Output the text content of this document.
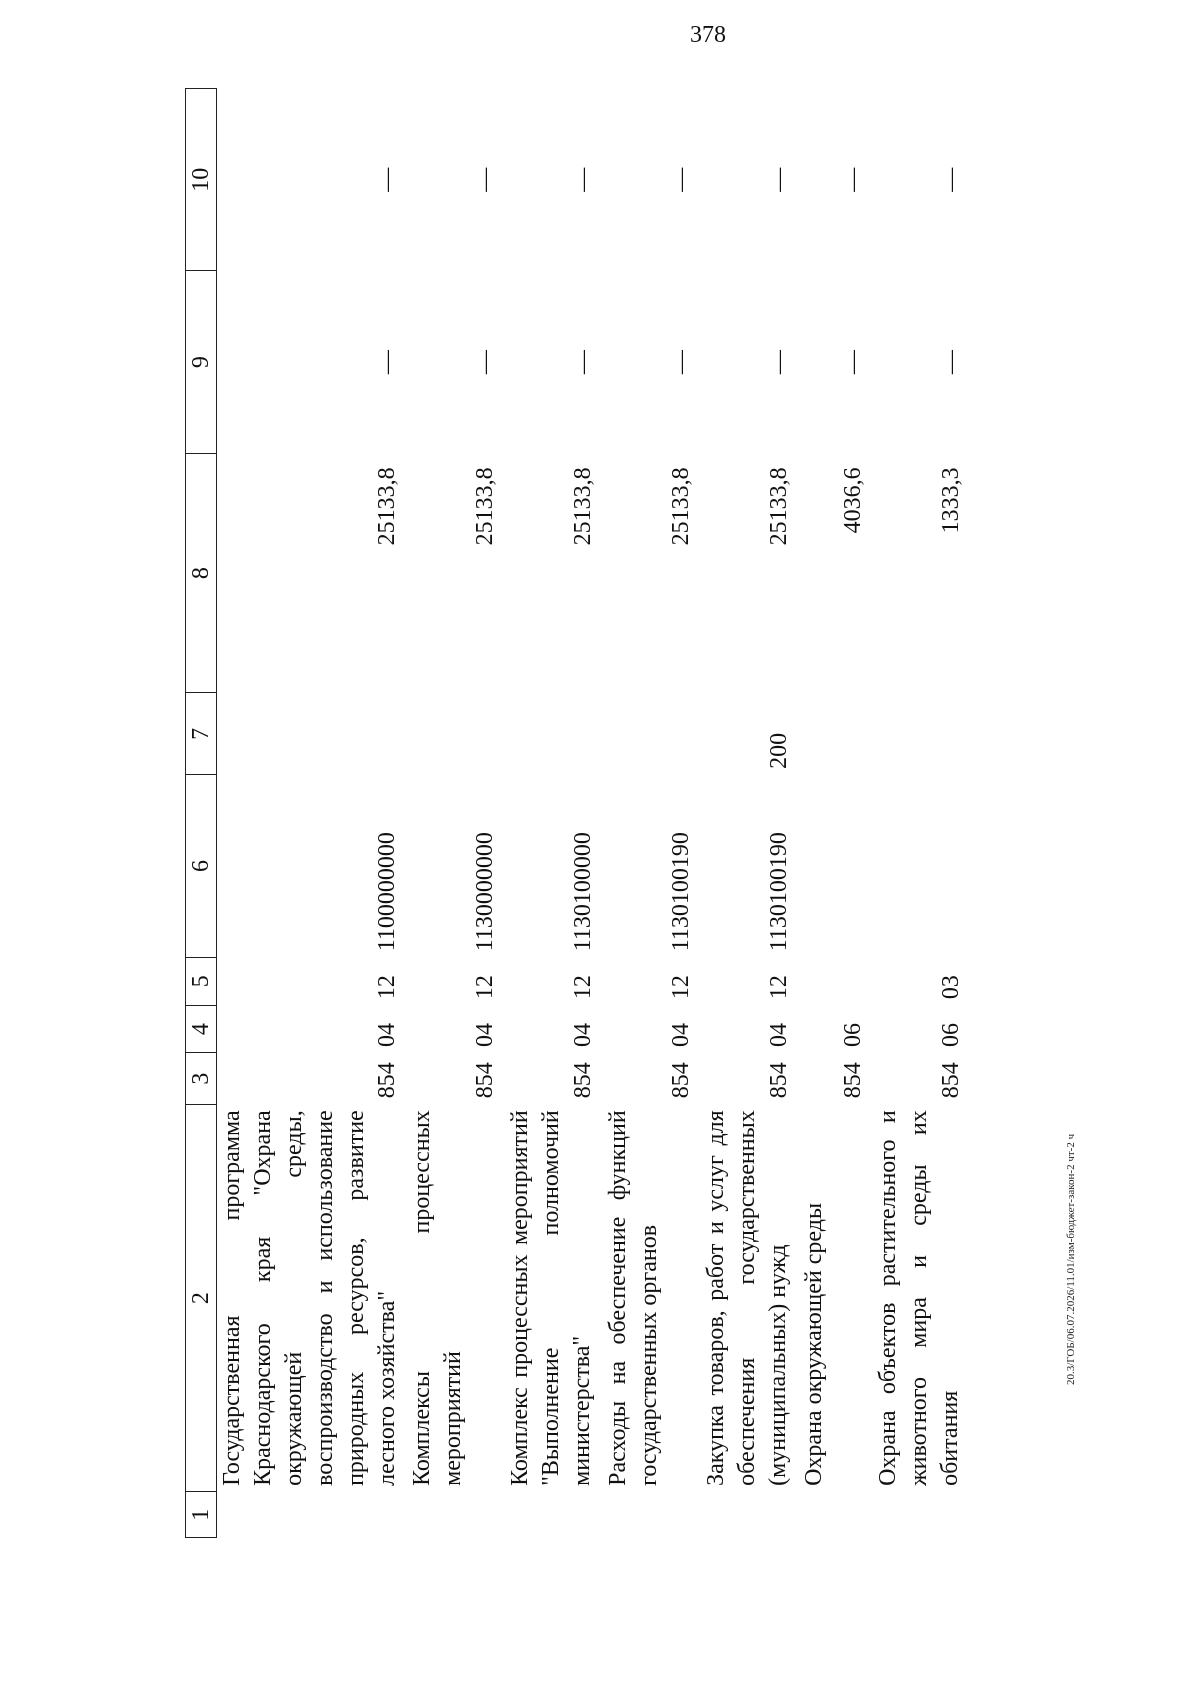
378
1	2	3	4	5	6	7	8	9	10
	Государственная программа Краснодарского края "Охрана окружающей среды, воспроизводство и использование природных ресурсов, развитие лесного хозяйства"	854	04	12	1100000000		25133,8	—	—
	Комплексы процессных мероприятий	854	04	12	1130000000		25133,8	—	—
	Комплекс процессных мероприятий "Выполнение полномочий министерства"	854	04	12	1130100000		25133,8	—	—
	Расходы на обеспечение функций государственных органов	854	04	12	1130100190		25133,8	—	—
	Закупка товаров, работ и услуг для обеспечения государственных (муниципальных) нужд	854	04	12	1130100190	200	25133,8	—	—
	Охрана окружающей среды	854	06				4036,6	—	—
	Охрана объектов растительного и животного мира и среды их обитания	854	06	03			1333,3	—	—
20.3/ГОБ/06.07.2026/11.01/изм-бюджет-закон-2 чт-2 ч
